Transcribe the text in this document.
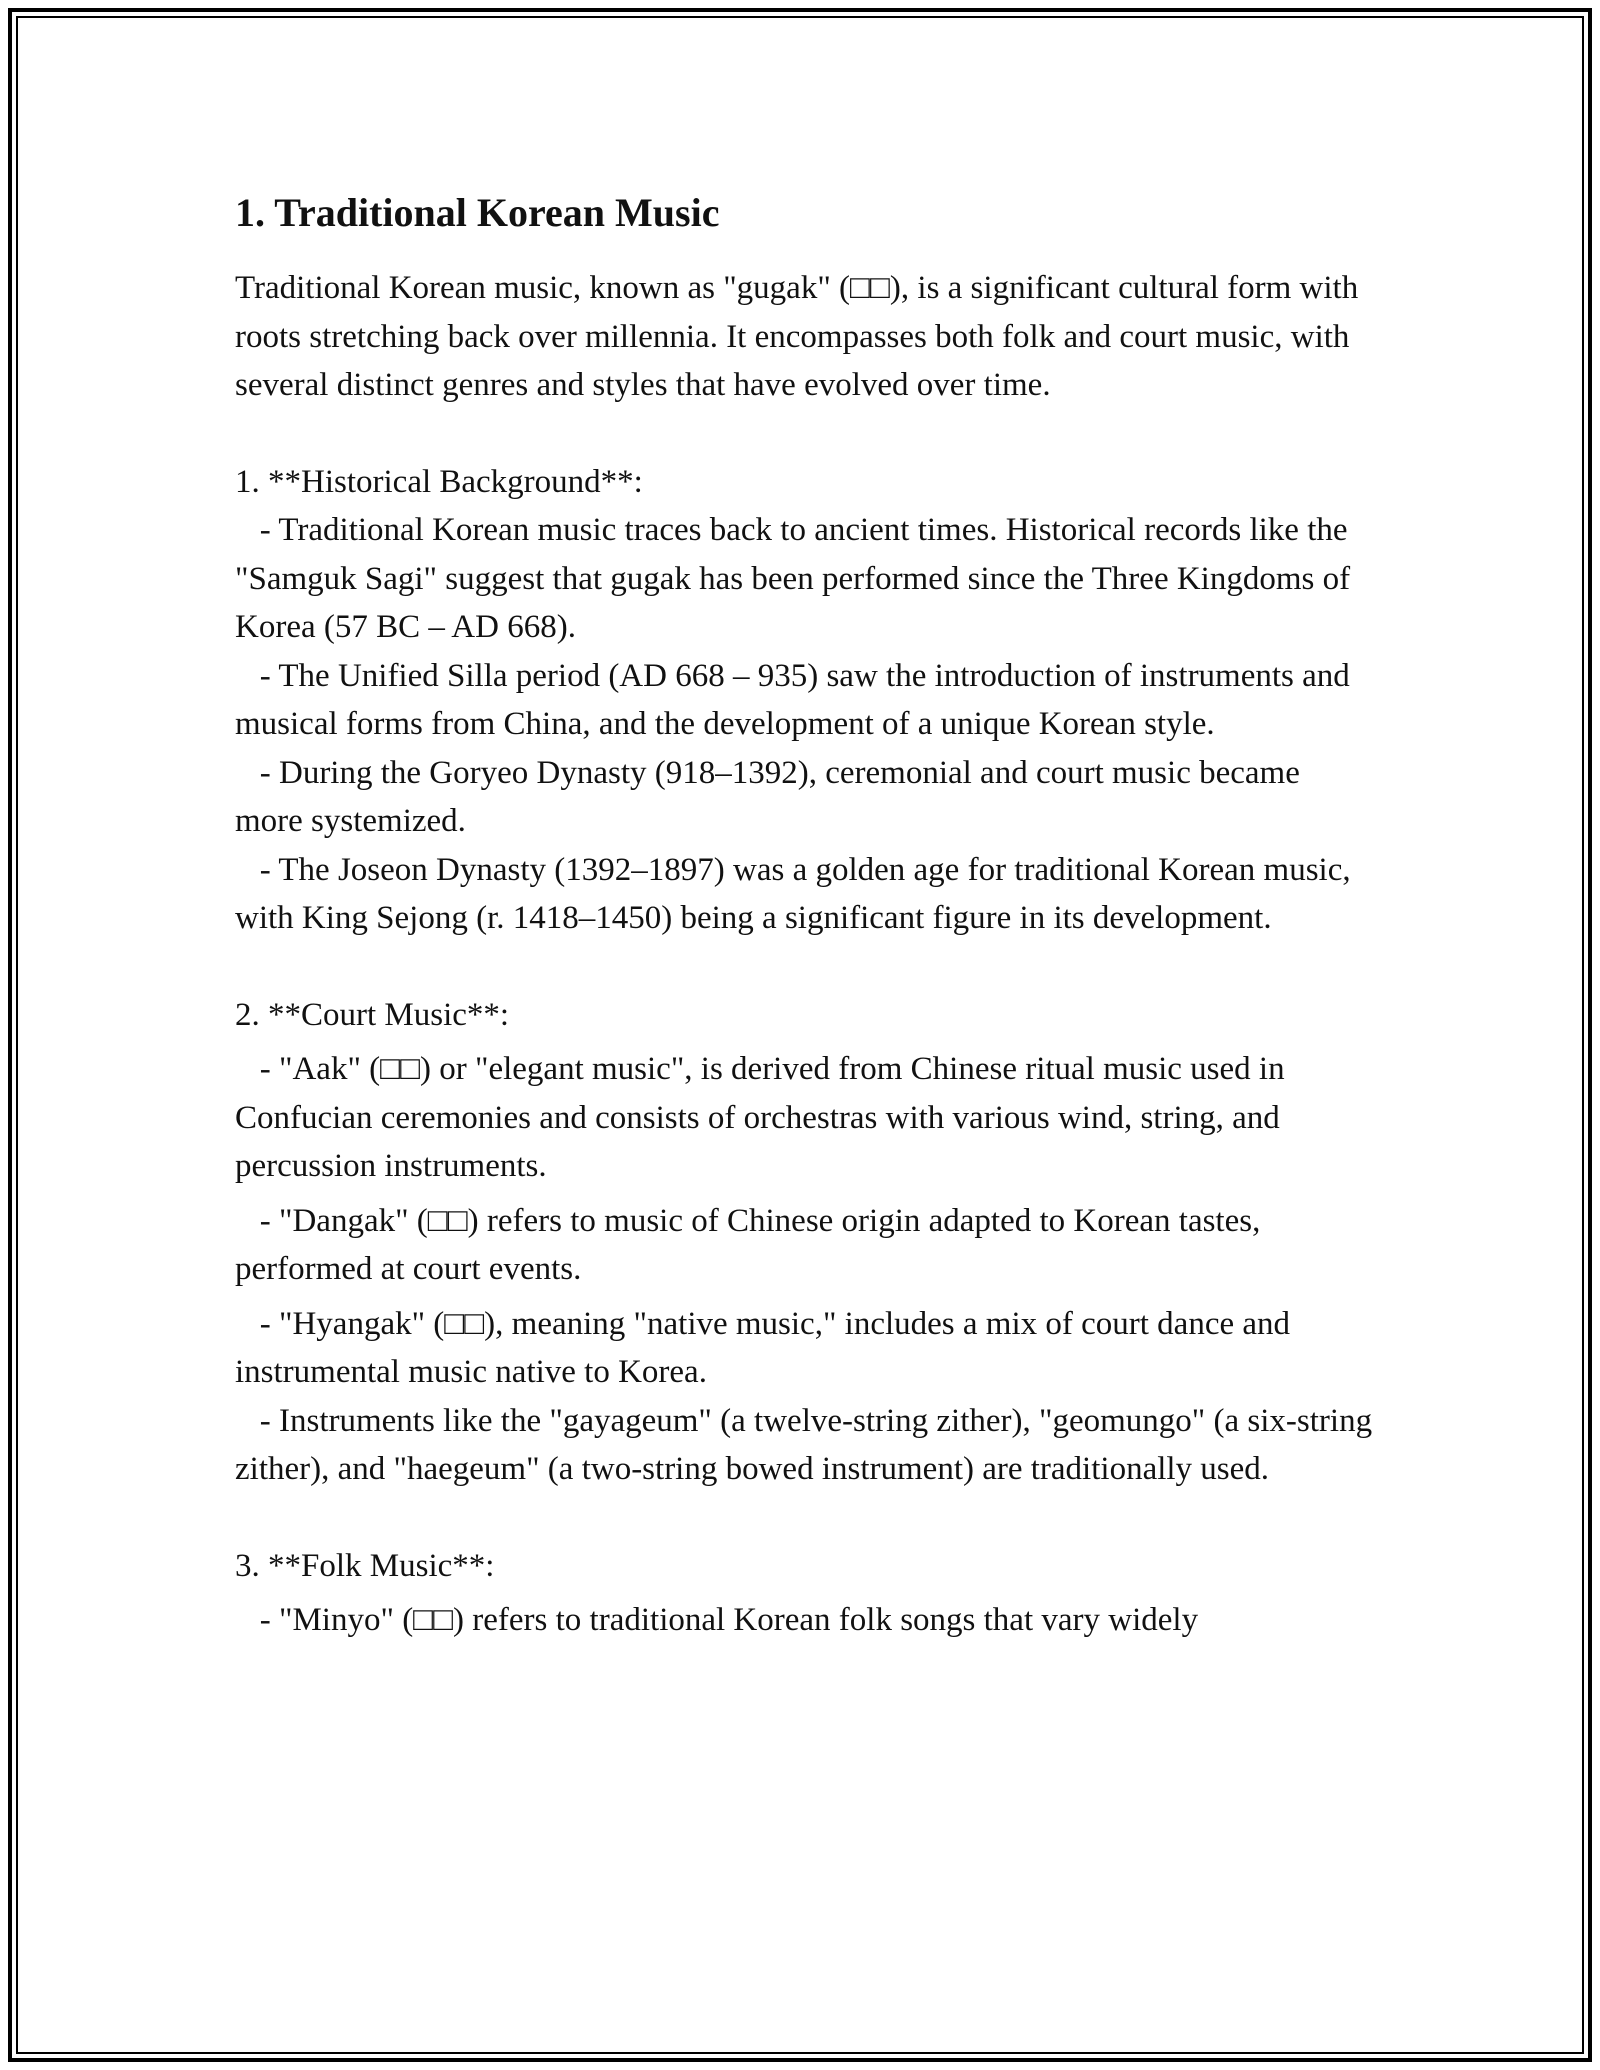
1. Traditional Korean Music

Traditional Korean music, known as "gugak" (□□), is a significant cultural form with roots stretching back over millennia. It encompasses both folk and court music, with several distinct genres and styles that have evolved over time.

1. **Historical Background**:

- Traditional Korean music traces back to ancient times. Historical records like the "Samguk Sagi" suggest that gugak has been performed since the Three Kingdoms of Korea (57 BC – AD 668).

- The Unified Silla period (AD 668 – 935) saw the introduction of instruments and musical forms from China, and the development of a unique Korean style.

- During the Goryeo Dynasty (918–1392), ceremonial and court music became more systemized.

- The Joseon Dynasty (1392–1897) was a golden age for traditional Korean music, with King Sejong (r. 1418–1450) being a significant figure in its development.

2. **Court Music**:

- "Aak" (□□) or "elegant music", is derived from Chinese ritual music used in Confucian ceremonies and consists of orchestras with various wind, string, and percussion instruments.

- "Dangak" (□□) refers to music of Chinese origin adapted to Korean tastes, performed at court events.

- "Hyangak" (□□), meaning "native music," includes a mix of court dance and instrumental music native to Korea.

- Instruments like the "gayageum" (a twelve-string zither), "geomungo" (a six-string zither), and "haegeum" (a two-string bowed instrument) are traditionally used.

3. **Folk Music**:

- "Minyo" (□□) refers to traditional Korean folk songs that vary widely
